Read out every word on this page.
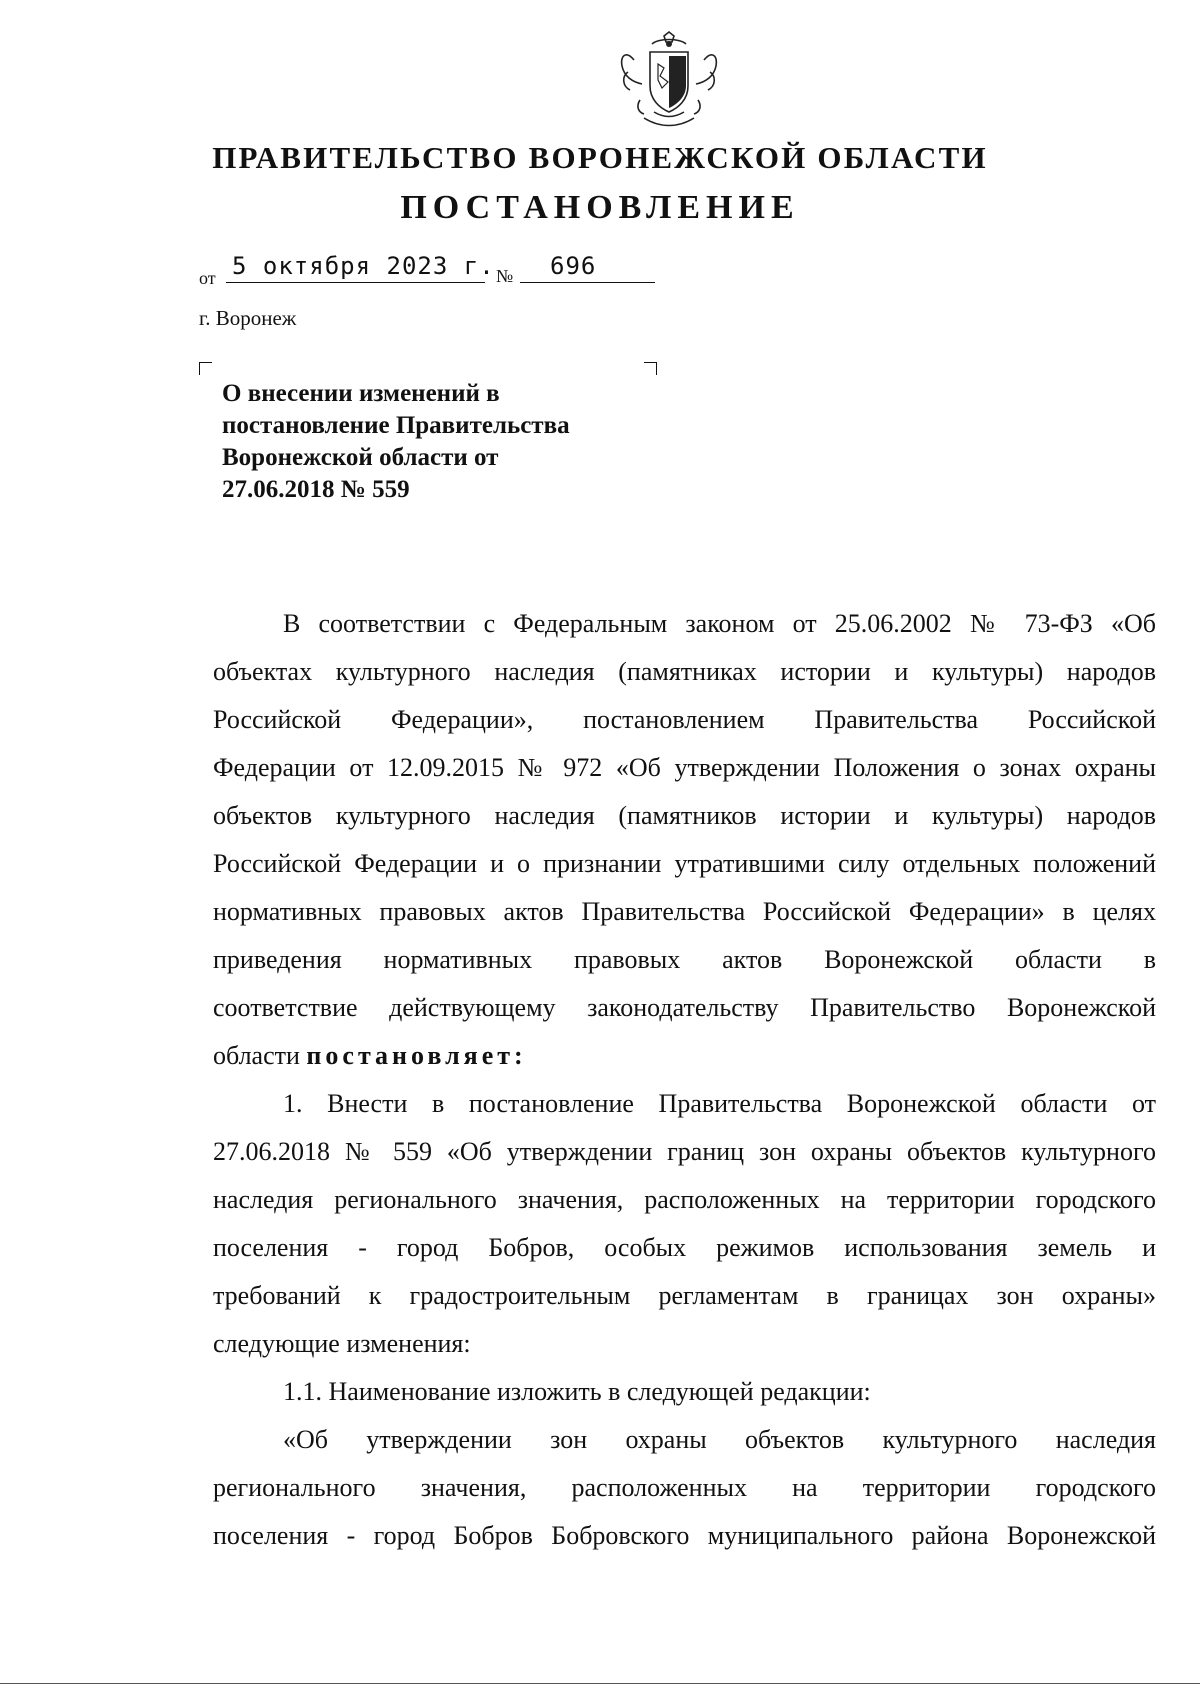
ПРАВИТЕЛЬСТВО ВОРОНЕЖСКОЙ ОБЛАСТИ
ПОСТАНОВЛЕНИЕ
от 5 октября 2023 г. № 696

г. Воронеж

О внесении изменений в
постановление Правительства
Воронежской области от
27.06.2018 № 559
В соответствии с Федеральным законом от 25.06.2002 № 73-ФЗ «Об
объектах культурного наследия (памятниках истории и культуры) народов
Российской Федерации», постановлением Правительства Российской
Федерации от 12.09.2015 № 972 «Об утверждении Положения о зонах охраны
объектов культурного наследия (памятников истории и культуры) народов
Российской Федерации и о признании утратившими силу отдельных положений
нормативных правовых актов Правительства Российской Федерации» в целях
приведения нормативных правовых актов Воронежской области в
соответствие действующему законодательству Правительство Воронежской
области постановляет:
1. Внести в постановление Правительства Воронежской области от
27.06.2018 № 559 «Об утверждении границ зон охраны объектов культурного
наследия регионального значения, расположенных на территории городского
поселения - город Бобров, особых режимов использования земель и
требований к градостроительным регламентам в границах зон охраны»
следующие изменения:
1.1. Наименование изложить в следующей редакции:
«Об утверждении зон охраны объектов культурного наследия
регионального значения, расположенных на территории городского
поселения - город Бобров Бобровского муниципального района Воронежской
